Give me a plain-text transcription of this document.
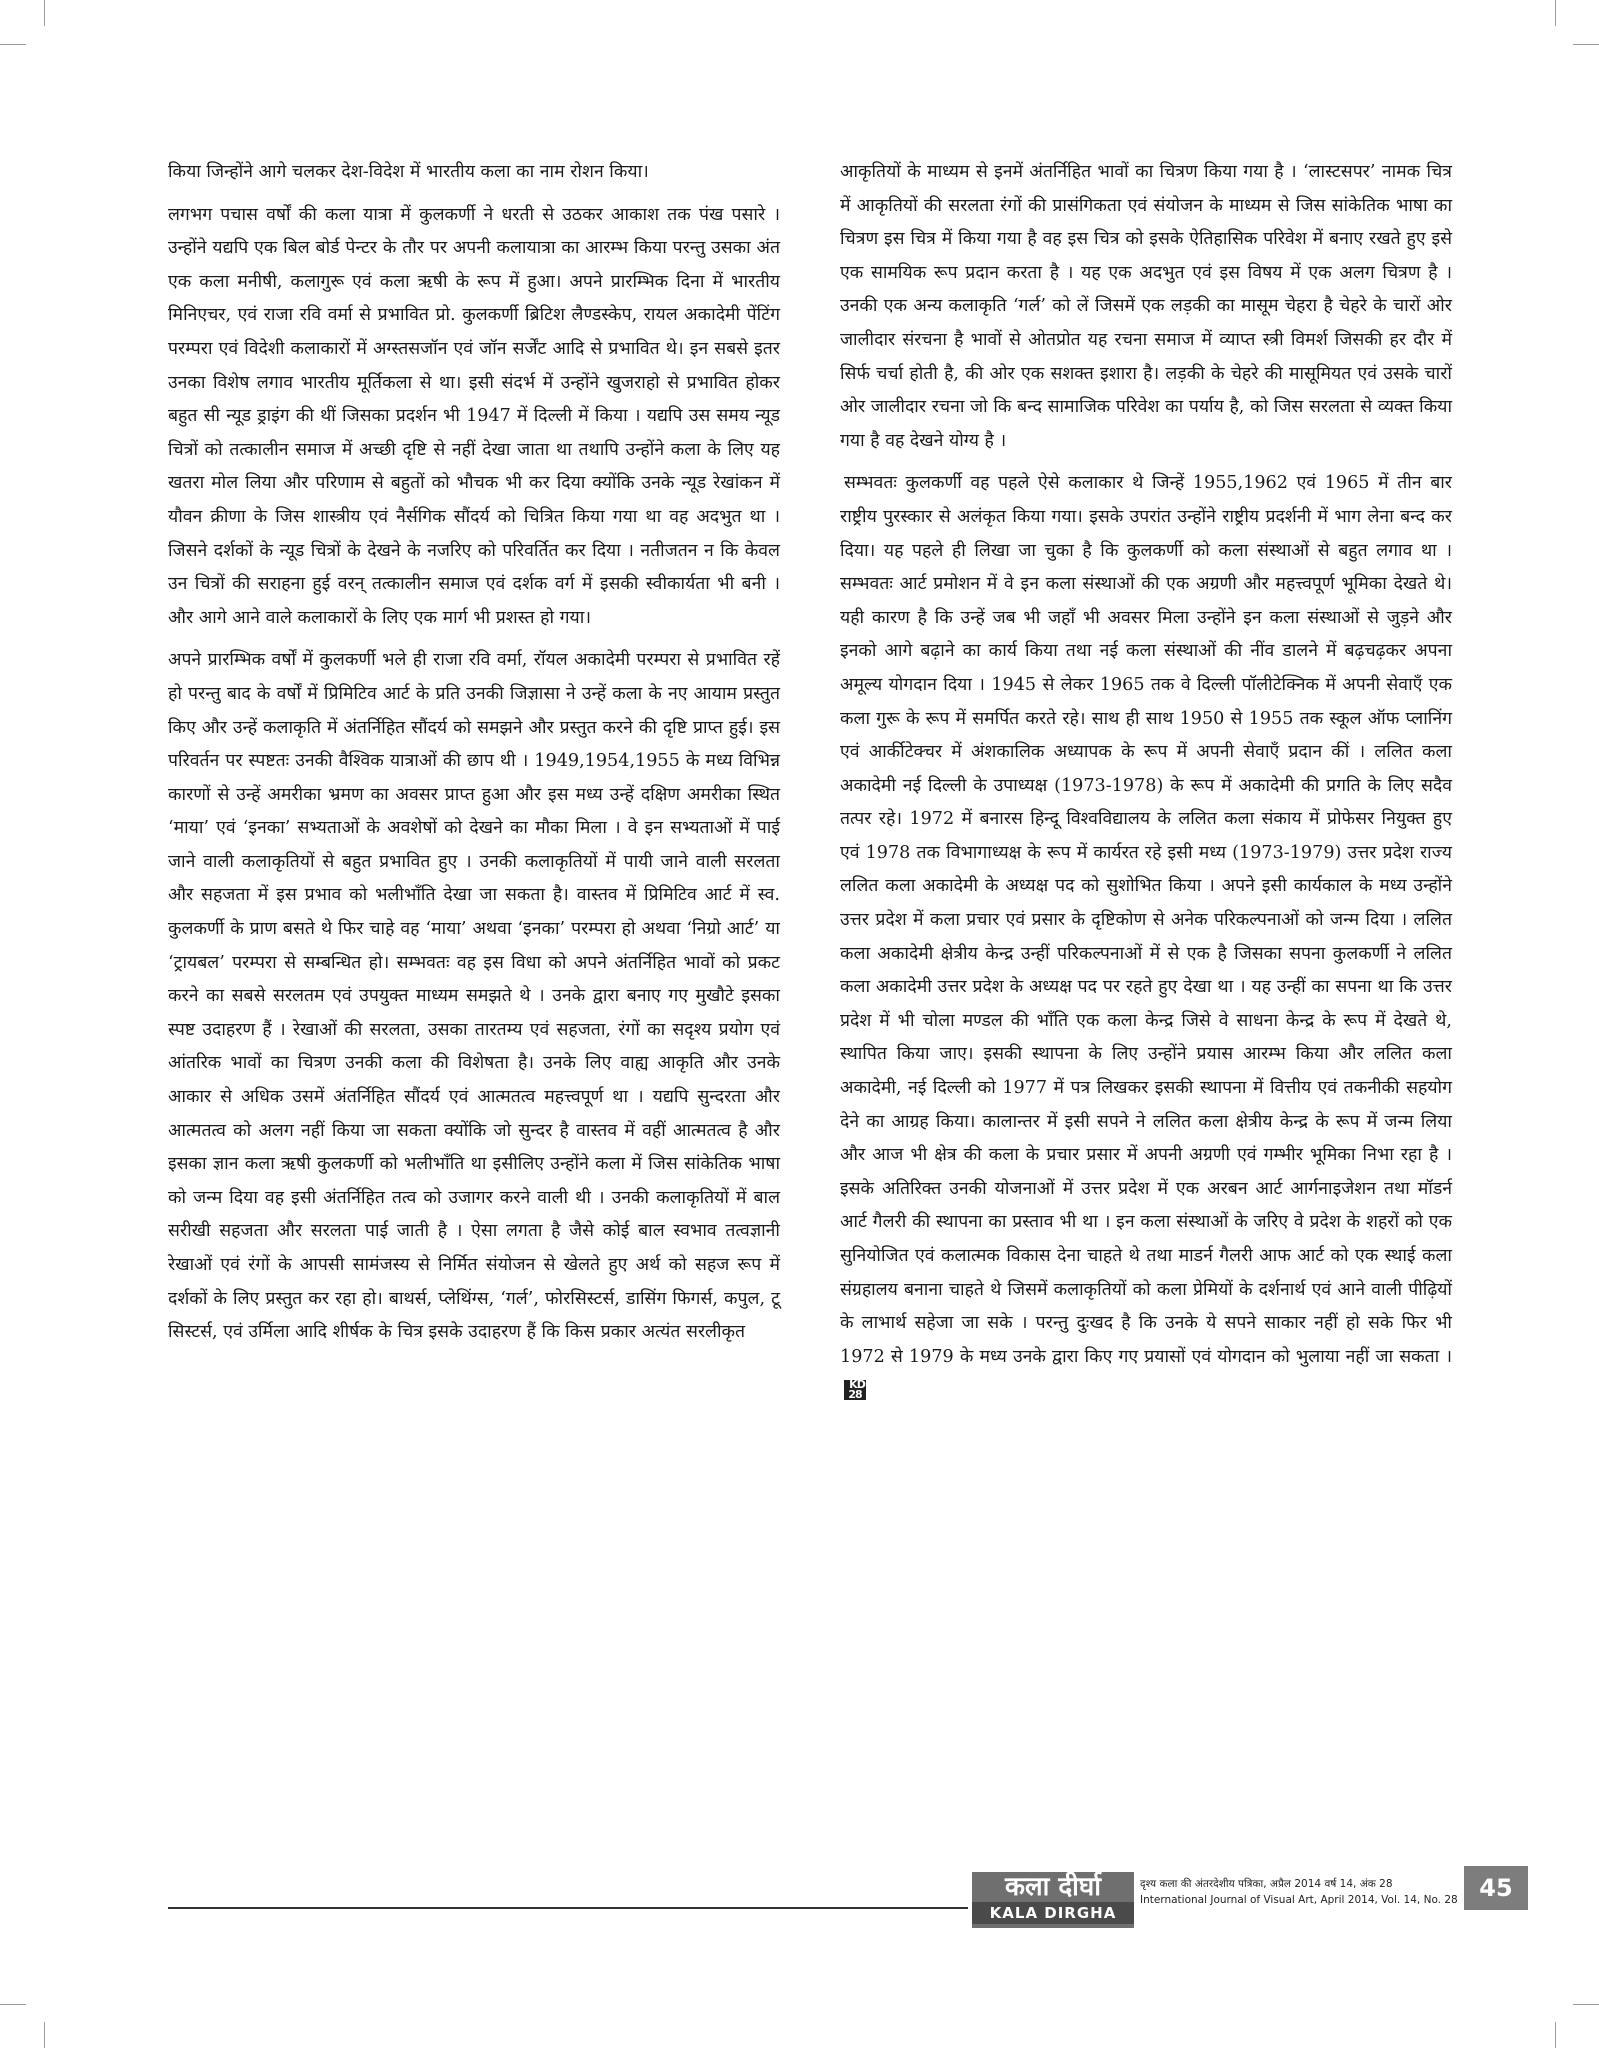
किया जिन्होंने आगे चलकर देश-विदेश में भारतीय कला का नाम रोशन किया।

लगभग पचास वर्षों की कला यात्रा में कुलकर्णी ने धरती से उठकर आकाश तक पंख पसारे । उन्होंने यद्यपि एक बिल बोर्ड पेन्टर के तौर पर अपनी कलायात्रा का आरम्भ किया परन्तु उसका अंत एक कला मनीषी, कलागुरू एवं कला ऋषी के रूप में हुआ। अपने प्रारम्भिक दिना में भारतीय मिनिएचर, एवं राजा रवि वर्मा से प्रभावित प्रो. कुलकर्णी ब्रिटिश लैण्डस्केप, रायल अकादेमी पेंटिंग परम्परा एवं विदेशी कलाकारों में अग्स्तसजॉन एवं जॉन सर्जेंट आदि से प्रभावित थे। इन सबसे इतर उनका विशेष लगाव भारतीय मूर्तिकला से था। इसी संदर्भ में उन्होंने खुजराहो से प्रभावित होकर बहुत सी न्यूड ड्राइंग की थीं जिसका प्रदर्शन भी 1947 में दिल्ली में किया । यद्यपि उस समय न्यूड चित्रों को तत्कालीन समाज में अच्छी दृष्टि से नहीं देखा जाता था तथापि उन्होंने कला के लिए यह खतरा मोल लिया और परिणाम से बहुतों को भौचक भी कर दिया क्योंकि उनके न्यूड रेखांकन में यौवन क्रीणा के जिस शास्त्रीय एवं नैर्सगिक सौंदर्य को चित्रित किया गया था वह अदभुत था । जिसने दर्शकों के न्यूड चित्रों के देखने के नजरिए को परिवर्तित कर दिया । नतीजतन न कि केवल उन चित्रों की सराहना हुई वरन् तत्कालीन समाज एवं दर्शक वर्ग में इसकी स्वीकार्यता भी बनी । और आगे आने वाले कलाकारों के लिए एक मार्ग भी प्रशस्त हो गया।

अपने प्रारम्भिक वर्षों में कुलकर्णी भले ही राजा रवि वर्मा, रॉयल अकादेमी परम्परा से प्रभावित रहें हो परन्तु बाद के वर्षों में प्रिमिटिव आर्ट के प्रति उनकी जिज्ञासा ने उन्हें कला के नए आयाम प्रस्तुत किए और उन्हें कलाकृति में अंतर्निहित सौंदर्य को समझने और प्रस्तुत करने की दृष्टि प्राप्त हुई। इस परिवर्तन पर स्पष्टतः उनकी वैश्विक यात्राओं की छाप थी । 1949,1954,1955 के मध्य विभिन्न कारणों से उन्हें अमरीका भ्रमण का अवसर प्राप्त हुआ और इस मध्य उन्हें दक्षिण अमरीका स्थित ‘माया’ एवं ‘इनका’ सभ्यताओं के अवशेषों को देखने का मौका मिला । वे इन सभ्यताओं में पाई जाने वाली कलाकृतियों से बहुत प्रभावित हुए । उनकी कलाकृतियों में पायी जाने वाली सरलता और सहजता में इस प्रभाव को भलीभाँति देखा जा सकता है। वास्तव में प्रिमिटिव आर्ट में स्व. कुलकर्णी के प्राण बसते थे फिर चाहे वह ‘माया’ अथवा ‘इनका’ परम्परा हो अथवा ‘निग्रो आर्ट’ या ‘ट्रायबल’ परम्परा से सम्बन्धित हो। सम्भवतः वह इस विधा को अपने अंतर्निहित भावों को प्रकट करने का सबसे सरलतम एवं उपयुक्त माध्यम समझते थे । उनके द्वारा बनाए गए मुखौटे इसका स्पष्ट उदाहरण हैं । रेखाओं की सरलता, उसका तारतम्य एवं सहजता, रंगों का सदृश्य प्रयोग एवं आंतरिक भावों का चित्रण उनकी कला की विशेषता है। उनके लिए वाह्य आकृति और उनके आकार से अधिक उसमें अंतर्निहित सौंदर्य एवं आत्मतत्व महत्त्वपूर्ण था । यद्यपि सुन्दरता और आत्मतत्व को अलग नहीं किया जा सकता क्योंकि जो सुन्दर है वास्तव में वहीं आत्मतत्व है और इसका ज्ञान कला ऋषी कुलकर्णी को भलीभाँति था इसीलिए उन्होंने कला में जिस सांकेतिक भाषा को जन्म दिया वह इसी अंतर्निहित तत्व को उजागर करने वाली थी । उनकी कलाकृतियों में बाल सरीखी सहजता और सरलता पाई जाती है । ऐसा लगता है जैसे कोई बाल स्वभाव तत्वज्ञानी रेखाओं एवं रंगों के आपसी सामंजस्य से निर्मित संयोजन से खेलते हुए अर्थ को सहज रूप में दर्शकों के लिए प्रस्तुत कर रहा हो। बाथर्स, प्लेथिंग्स, ‘गर्ल’, फोरसिस्टर्स, डासिंग फिगर्स, कपुल, टू सिस्टर्स, एवं उर्मिला आदि शीर्षक के चित्र इसके उदाहरण हैं कि किस प्रकार अत्यंत सरलीकृत

आकृतियों के माध्यम से इनमें अंतर्निहित भावों का चित्रण किया गया है । ‘लास्टसपर’ नामक चित्र में आकृतियों की सरलता रंगों की प्रासंगिकता एवं संयोजन के माध्यम से जिस सांकेतिक भाषा का चित्रण इस चित्र में किया गया है वह इस चित्र को इसके ऐतिहासिक परिवेश में बनाए रखते हुए इसे एक सामयिक रूप प्रदान करता है । यह एक अदभुत एवं इस विषय में एक अलग चित्रण है । उनकी एक अन्य कलाकृति ‘गर्ल’ को लें जिसमें एक लड़की का मासूम चेहरा है चेहरे के चारों ओर जालीदार संरचना है भावों से ओतप्रोत यह रचना समाज में व्याप्त स्त्री विमर्श जिसकी हर दौर में सिर्फ चर्चा होती है, की ओर एक सशक्त इशारा है। लड़की के चेहरे की मासूमियत एवं उसके चारों ओर जालीदार रचना जो कि बन्द सामाजिक परिवेश का पर्याय है, को जिस सरलता से व्यक्त किया गया है वह देखने योग्य है ।

सम्भवतः कुलकर्णी वह पहले ऐसे कलाकार थे जिन्हें 1955,1962 एवं 1965 में तीन बार राष्ट्रीय पुरस्कार से अलंकृत किया गया। इसके उपरांत उन्होंने राष्ट्रीय प्रदर्शनी में भाग लेना बन्द कर दिया। यह पहले ही लिखा जा चुका है कि कुलकर्णी को कला संस्थाओं से बहुत लगाव था । सम्भवतः आर्ट प्रमोशन में वे इन कला संस्थाओं की एक अग्रणी और महत्त्वपूर्ण भूमिका देखते थे। यही कारण है कि उन्हें जब भी जहाँ भी अवसर मिला उन्होंने इन कला संस्थाओं से जुड़ने और इनको आगे बढ़ाने का कार्य किया तथा नई कला संस्थाओं की नींव डालने में बढ़चढ़कर अपना अमूल्य योगदान दिया । 1945 से लेकर 1965 तक वे दिल्ली पॉलीटेक्निक में अपनी सेवाएँ एक कला गुरू के रूप में समर्पित करते रहे। साथ ही साथ 1950 से 1955 तक स्कूल ऑफ प्लानिंग एवं आर्कीटेक्चर में अंशकालिक अध्यापक के रूप में अपनी सेवाएँ प्रदान कीं । ललित कला अकादेमी नई दिल्ली के उपाध्यक्ष (1973-1978) के रूप में अकादेमी की प्रगति के लिए सदैव तत्पर रहे। 1972 में बनारस हिन्दू विश्वविद्यालय के ललित कला संकाय में प्रोफेसर नियुक्त हुए एवं 1978 तक विभागाध्यक्ष के रूप में कार्यरत रहे इसी मध्य (1973-1979) उत्तर प्रदेश राज्य ललित कला अकादेमी के अध्यक्ष पद को सुशोभित किया । अपने इसी कार्यकाल के मध्य उन्होंने उत्तर प्रदेश में कला प्रचार एवं प्रसार के दृष्टिकोण से अनेक परिकल्पनाओं को जन्म दिया । ललित कला अकादेमी क्षेत्रीय केन्द्र उन्हीं परिकल्पनाओं में से एक है जिसका सपना कुलकर्णी ने ललित कला अकादेमी उत्तर प्रदेश के अध्यक्ष पद पर रहते हुए देखा था । यह उन्हीं का सपना था कि उत्तर प्रदेश में भी चोला मण्डल की भाँति एक कला केन्द्र जिसे वे साधना केन्द्र के रूप में देखते थे, स्थापित किया जाए। इसकी स्थापना के लिए उन्होंने प्रयास आरम्भ किया और ललित कला अकादेमी, नई दिल्ली को 1977 में पत्र लिखकर इसकी स्थापना में वित्तीय एवं तकनीकी सहयोग देने का आग्रह किया। कालान्तर में इसी सपने ने ललित कला क्षेत्रीय केन्द्र के रूप में जन्म लिया और आज भी क्षेत्र की कला के प्रचार प्रसार में अपनी अग्रणी एवं गम्भीर भूमिका निभा रहा है । इसके अतिरिक्त उनकी योजनाओं में उत्तर प्रदेश में एक अरबन आर्ट आर्गनाइजेशन तथा मॉडर्न आर्ट गैलरी की स्थापना का प्रस्ताव भी था । इन कला संस्थाओं के जरिए वे प्रदेश के शहरों को एक सुनियोजित एवं कलात्मक विकास देना चाहते थे तथा माडर्न गैलरी आफ आर्ट को एक स्थाई कला संग्रहालय बनाना चाहते थे जिसमें कलाकृतियों को कला प्रेमियों के दर्शनार्थ एवं आने वाली पीढ़ियों के लाभार्थ सहेजा जा सके । परन्तु दुःखद है कि उनके ये सपने साकार नहीं हो सके फिर भी 1972 से 1979 के मध्य उनके द्वारा किए गए प्रयासों एवं योगदान को भुलाया नहीं जा सकता ।KD
28

कला दीर्घा
KALA DIRGHA
दृश्य कला की अंतरदेशीय पत्रिका, अप्रैल 2014 वर्ष 14, अंक 28
International Journal of Visual Art, April 2014, Vol. 14, No. 28 45
